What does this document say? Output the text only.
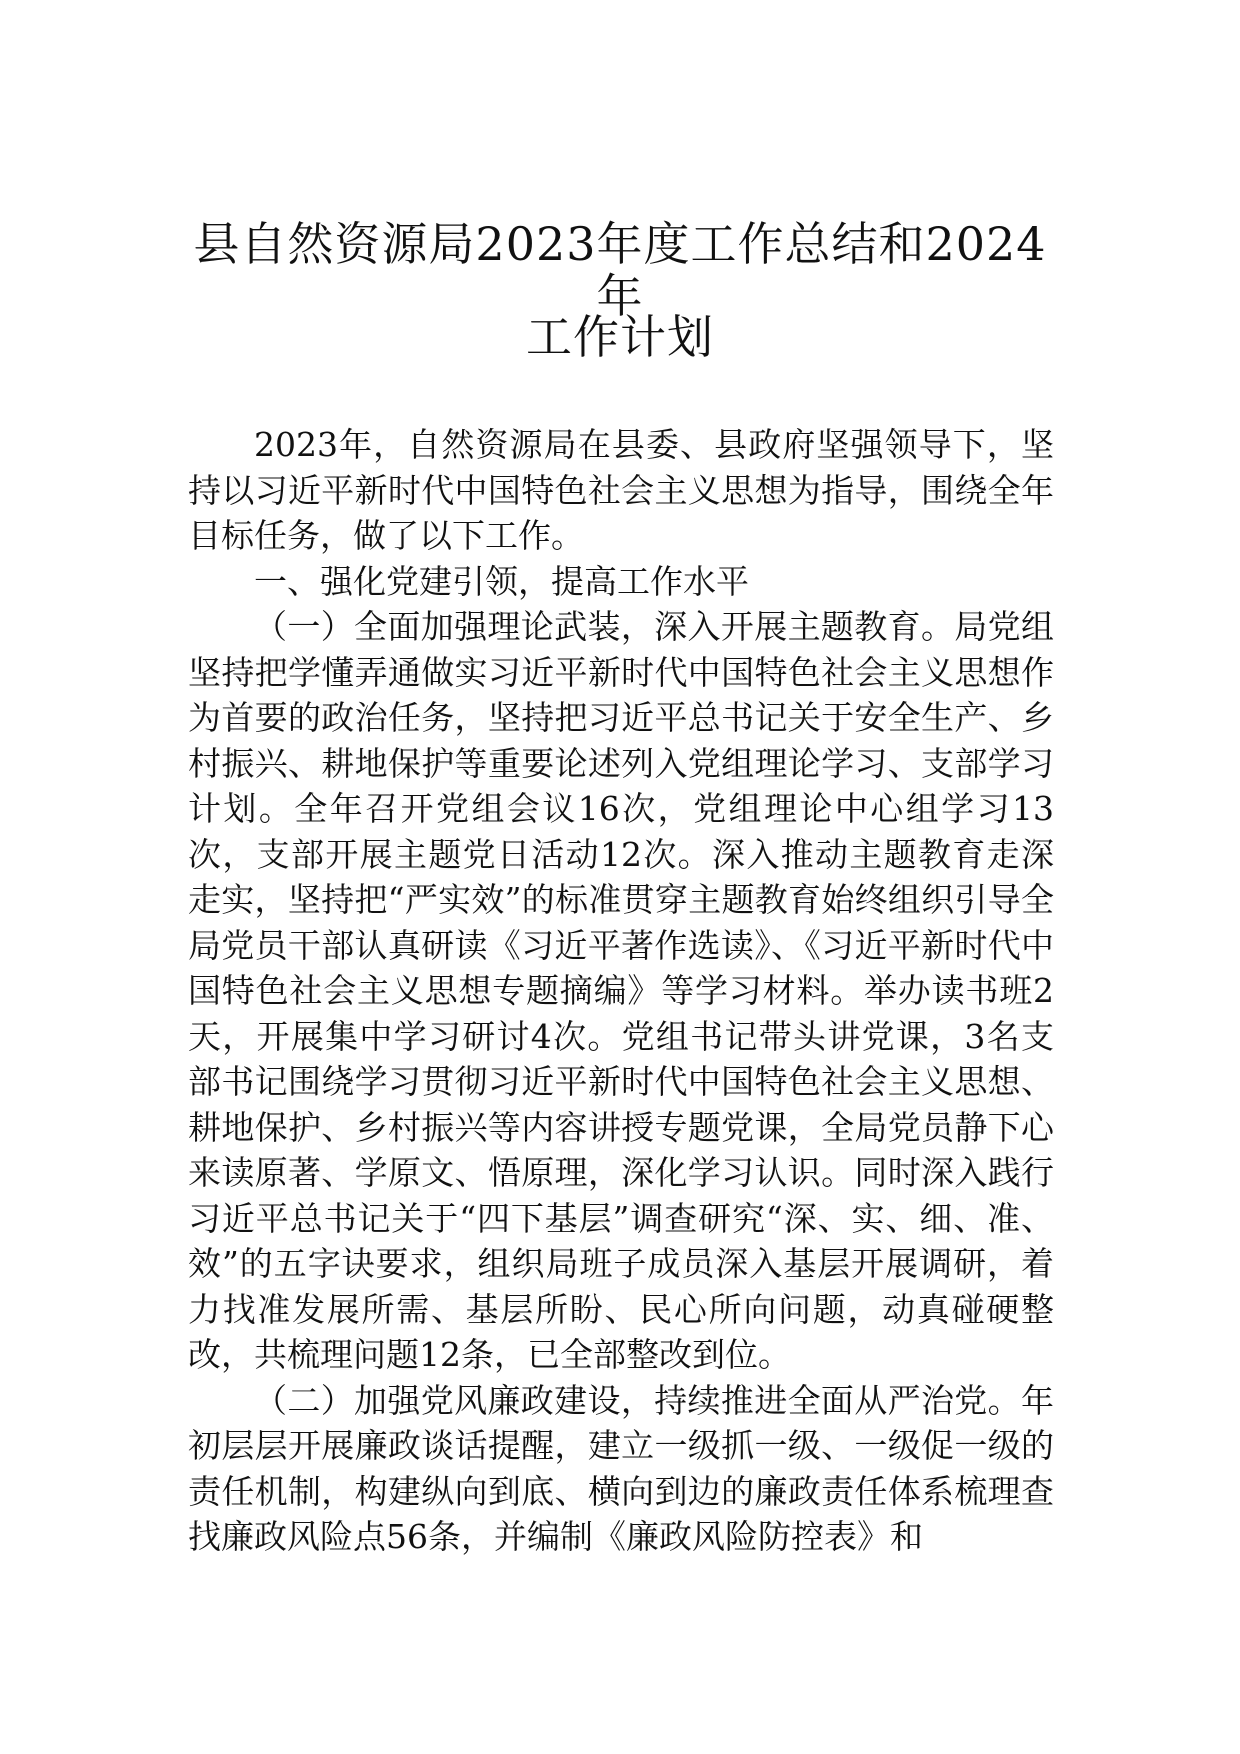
县自然资源局2023年度工作总结和2024年
工作计划

2023年，自然资源局在县委、县政府坚强领导下，坚持以习近平新时代中国特色社会主义思想为指导，围绕全年目标任务，做了以下工作。

一、强化党建引领，提高工作水平

（一）全面加强理论武装，深入开展主题教育。局党组坚持把学懂弄通做实习近平新时代中国特色社会主义思想作为首要的政治任务，坚持把习近平总书记关于安全生产、乡村振兴、耕地保护等重要论述列入党组理论学习、支部学习计划。全年召开党组会议16次，党组理论中心组学习13次，支部开展主题党日活动12次。深入推动主题教育走深走实，坚持把“严实效”的标准贯穿主题教育始终组织引导全局党员干部认真研读《习近平著作选读》、《习近平新时代中国特色社会主义思想专题摘编》等学习材料。举办读书班2天，开展集中学习研讨4次。党组书记带头讲党课，3名支部书记围绕学习贯彻习近平新时代中国特色社会主义思想、耕地保护、乡村振兴等内容讲授专题党课，全局党员静下心来读原著、学原文、悟原理，深化学习认识。同时深入践行习近平总书记关于“四下基层”调查研究“深、实、细、准、效”的五字诀要求，组织局班子成员深入基层开展调研，着力找准发展所需、基层所盼、民心所向问题，动真碰硬整改，共梳理问题12条，已全部整改到位。

（二）加强党风廉政建设，持续推进全面从严治党。年初层层开展廉政谈话提醒，建立一级抓一级、一级促一级的责任机制，构建纵向到底、横向到边的廉政责任体系梳理查找廉政风险点56条，并编制《廉政风险防控表》和
